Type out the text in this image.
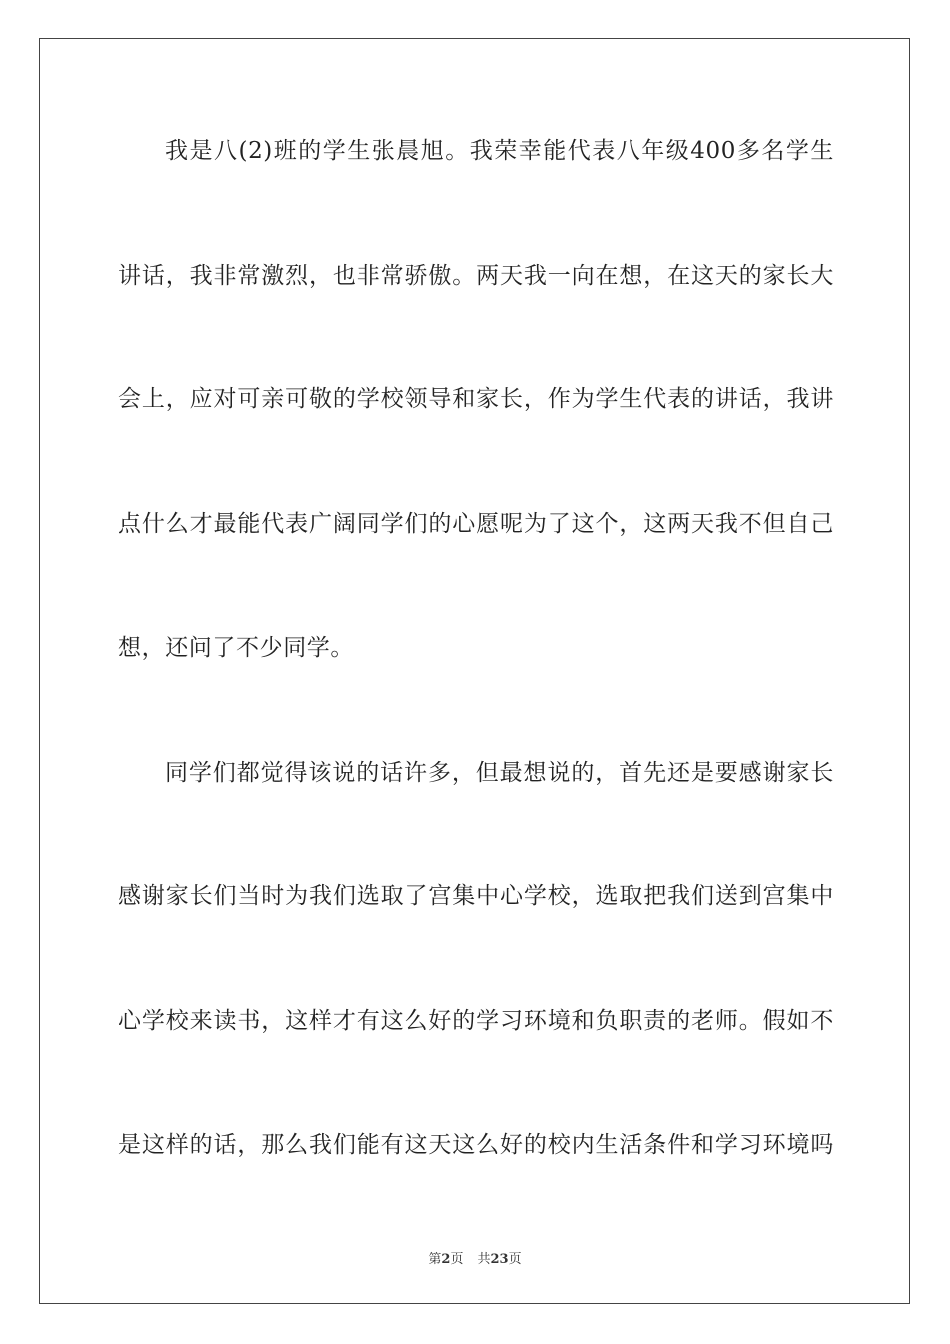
我是八(2)班的学生张晨旭。我荣幸能代表八年级400多名学生
讲话，我非常激烈，也非常骄傲。两天我一向在想，在这天的家长大
会上，应对可亲可敬的学校领导和家长，作为学生代表的讲话，我讲
点什么才最能代表广阔同学们的心愿呢为了这个，这两天我不但自己
想，还问了不少同学。
同学们都觉得该说的话许多，但最想说的，首先还是要感谢家长
感谢家长们当时为我们选取了宫集中心学校，选取把我们送到宫集中
心学校来读书，这样才有这么好的学习环境和负职责的老师。假如不
是这样的话，那么我们能有这天这么好的校内生活条件和学习环境吗
第2页 共23页
